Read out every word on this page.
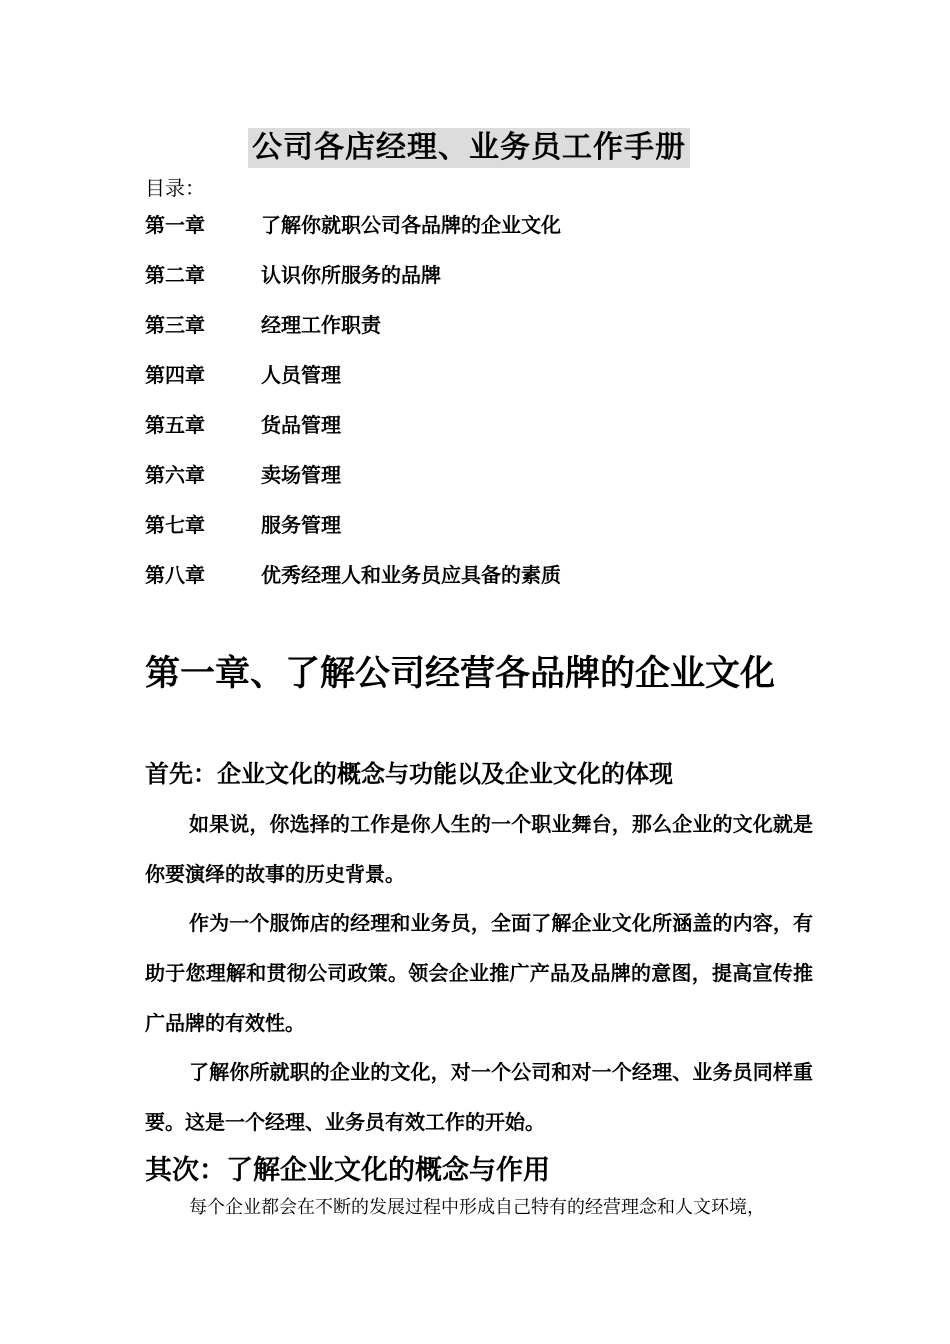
公司各店经理、业务员工作手册
目录：
第一章	了解你就职公司各品牌的企业文化
第二章	认识你所服务的品牌
第三章	经理工作职责
第四章	人员管理
第五章	货品管理
第六章	卖场管理
第七章	服务管理
第八章	优秀经理人和业务员应具备的素质
第一章、了解公司经营各品牌的企业文化
首先：企业文化的概念与功能以及企业文化的体现
如果说，你选择的工作是你人生的一个职业舞台，那么企业的文化就是你要演绎的故事的历史背景。
作为一个服饰店的经理和业务员，全面了解企业文化所涵盖的内容，有助于您理解和贯彻公司政策。领会企业推广产品及品牌的意图，提高宣传推广品牌的有效性。
了解你所就职的企业的文化，对一个公司和对一个经理、业务员同样重要。这是一个经理、业务员有效工作的开始。
其次：了解企业文化的概念与作用
每个企业都会在不断的发展过程中形成自己特有的经营理念和人文环境，
